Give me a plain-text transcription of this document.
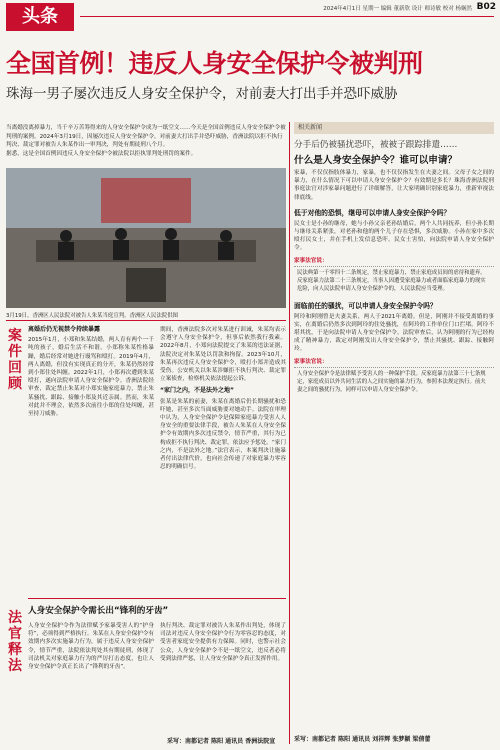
头条	2024年4月1日 星期一 编辑 董新欣 设计 师诗敏 校对 杨娴然 B02
全国首例！违反人身安全保护令被判刑
珠海一男子屡次违反人身安全保护令，对前妻大打出手并恐吓威胁
当离婚没离掉暴力，当千辛万苦筹得来的人身安全保护令成为一纸空文……今天是全国首例违反人身安全保护令被判刑的案例。2024年3月19日，因屡次违反人身安全保护令，对前妻大打出手并恐吓威胁，香洲法院以拒不执行判决、裁定罪对被告人朱某作出一审判决，判处有期徒刑八个月。
据悉，这是全国首例因违反人身安全保护令被法院以拒执罪判处刑罚的案件。
3月19日，香洲区人民法院对被告人朱某当庭宣判。香洲区人民法院供图
相关新闻
分手后仍被骚扰恐吓，被被子跟踪排遣……
什么是人身安全保护令？谁可以申请？
家暴，不仅仅指肢体暴力，家暴，也不仅仅指发生在夫妻之间。父母子女之间的暴力，在什么情况下可以申请人身安全保护令？有效期是多长？珠海香洲法院刑事庭法官对涉家暴问题进行了详细解答，让大家明确识别家庭暴力，重新审视法律底线。
低于对他的恐惧，继母可以申请人身安全保护令吗？
民女士是小孙的继母，她与小孙父亲老孙结婚后，两个人共同抚养，但小孙长期与继母关系紧张，对老孙和他的两个儿子存在恐惧，多次威胁。小孙在家中多次殴打民女士，并在手机上发信息恐吓。民女士害怕，向法院申请人身安全保护令。
家事法官说：
民法典第一千零四十二条规定，禁止家庭暴力，禁止家庭成员间的虐待和遗弃。反家庭暴力法第二十三条规定，当事人因遭受家庭暴力或者面临家庭暴力的现实危险，向人民法院申请人身安全保护令的，人民法院应当受理。
面临前任的骚扰，可以申请人身安全保护令吗？
阿玲和阿刚曾是夫妻关系，两人于2021年离婚。但是，阿刚并不接受离婚的事实，在离婚后仍然多次到阿玲的住处骚扰，在阿玲的工作单位门口拦堵。阿玲不堪其扰，于是向法院申请人身安全保护令。法院审查后，认为阿刚的行为已经构成了精神暴力，裁定对阿刚发出人身安全保护令，禁止其骚扰、跟踪、接触阿玲。
家事法官说：
人身安全保护令是法律赋予受害人的一种保护手段。反家庭暴力法第三十七条规定，家庭成员以外共同生活的人之间实施的暴力行为，参照本法规定执行。前夫妻之间的骚扰行为，同样可以申请人身安全保护令。
采写：南都记者 陈阳 通讯员 刘祥辉 张梦颖 梁倩蕾
案件回顾
离婚后仍无视禁令持续暴露
2015年1月，小郑和朱某结婚，两人育有两个一千吨的孩子，婚后生活不和谐。小郑称朱某性格暴躁，婚后经常对她进行谩骂和殴打。2019年4月，两人离婚，但没有实现真正的分开，朱某仍然经常到小郑住处纠缠。2022年1月，小郑再次遭到朱某殴打，遂向法院申请人身安全保护令。香洲法院经审查，裁定禁止朱某对小郑实施家庭暴力，禁止朱某骚扰、跟踪、接触小郑及其近亲属。然而，朱某对此并不理会，依然多次前往小郑的住处纠缠，甚至持刀威胁。
期间，香洲法院多次对朱某进行训诫，朱某均表示会遵守人身安全保护令，但事后依然我行我素。2022年8月，小郑向法院提交了朱某的违法证据，法院决定对朱某处以罚款和拘留。2023年10月，朱某再次违反人身安全保护令，殴打小郑并造成其受伤。公安机关以朱某涉嫌拒不执行判决、裁定罪立案侦查，检察机关依法提起公诉。
“家门之内，不是法外之地”
张某是朱某的前妻，朱某在离婚后仍长期骚扰和恐吓她，甚至多次当面威胁要对她动手。法院在审理中认为，人身安全保护令是保障家庭暴力受害人人身安全的重要法律手段，被告人朱某在人身安全保护令有效期内多次违反禁令，情节严重，其行为已构成拒不执行判决、裁定罪，依法应予惩处。“家门之内，不是法外之地。”法官表示，本案判决让施暴者付出法律代价，也向社会传递了对家庭暴力零容忍的明确信号。
法官释法
人身安全保护令需长出“锋利的牙齿”
人身安全保护令作为法律赋予家暴受害人的“护身符”，必须得到严格执行。朱某在人身安全保护令有效期内多次实施暴力行为，属于违反人身安全保护令，情节严重，法院依法判处其有期徒刑，体现了司法机关对家庭暴力行为的严厉打击态度，也让人身安全保护令真正长出了“锋利的牙齿”。
执行判决、裁定罪对被告人朱某作出判处，体现了司法对违反人身安全保护令行为零容忍的态度，对受害者家庭安全提供有力保障。同时，也警示社会公众，人身安全保护令不是一纸空文，违反者必将受到法律严惩，让人身安全保护令真正发挥作用。
采写：南都记者 陈阳 通讯员 香洲法院宣
